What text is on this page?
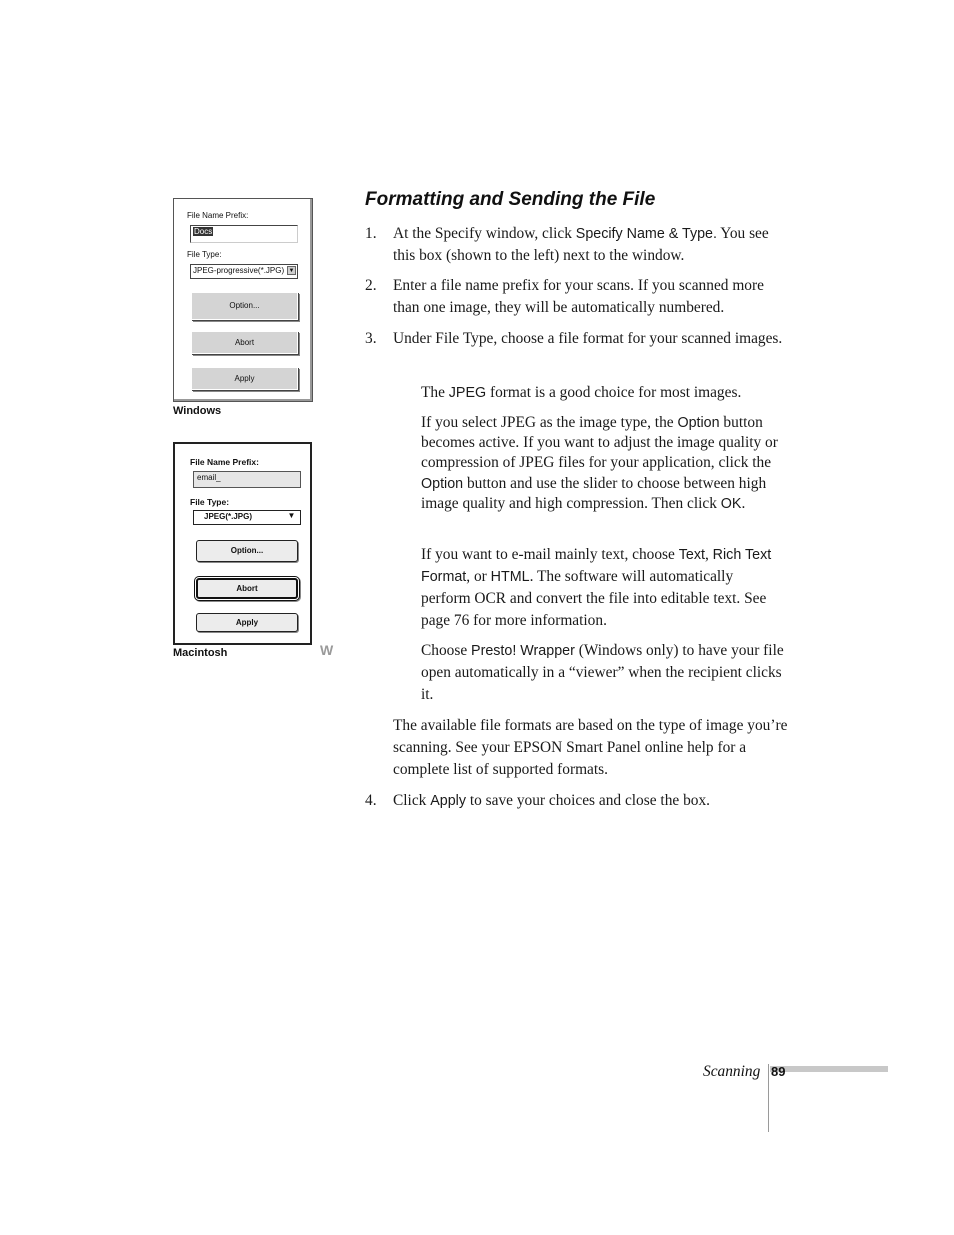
File Name Prefix:
Docs
File Type:
JPEG-progressive(*.JPG) ▼
Option...
Abort
Apply
Windows
File Name Prefix:
email_
File Type:
JPEG(*.JPG)	▼
Option...
Abort
Apply
Macintosh	W
Formatting and Sending the File
1. At the Specify window, click Specify Name & Type. You see this box (shown to the left) next to the window.
2. Enter a file name prefix for your scans. If you scanned more than one image, they will be automatically numbered.
3. Under File Type, choose a file format for your scanned images.
The JPEG format is a good choice for most images.
If you select JPEG as the image type, the Option button becomes active. If you want to adjust the image quality or compression of JPEG files for your application, click the Option button and use the slider to choose between high image quality and high compression. Then click OK.
If you want to e-mail mainly text, choose Text, Rich Text Format, or HTML. The software will automatically perform OCR and convert the file into editable text. See page 76 for more information.
Choose Presto! Wrapper (Windows only) to have your file open automatically in a “viewer” when the recipient clicks it.
The available file formats are based on the type of image you’re scanning. See your EPSON Smart Panel online help for a complete list of supported formats.
4. Click Apply to save your choices and close the box.
Scanning 89
